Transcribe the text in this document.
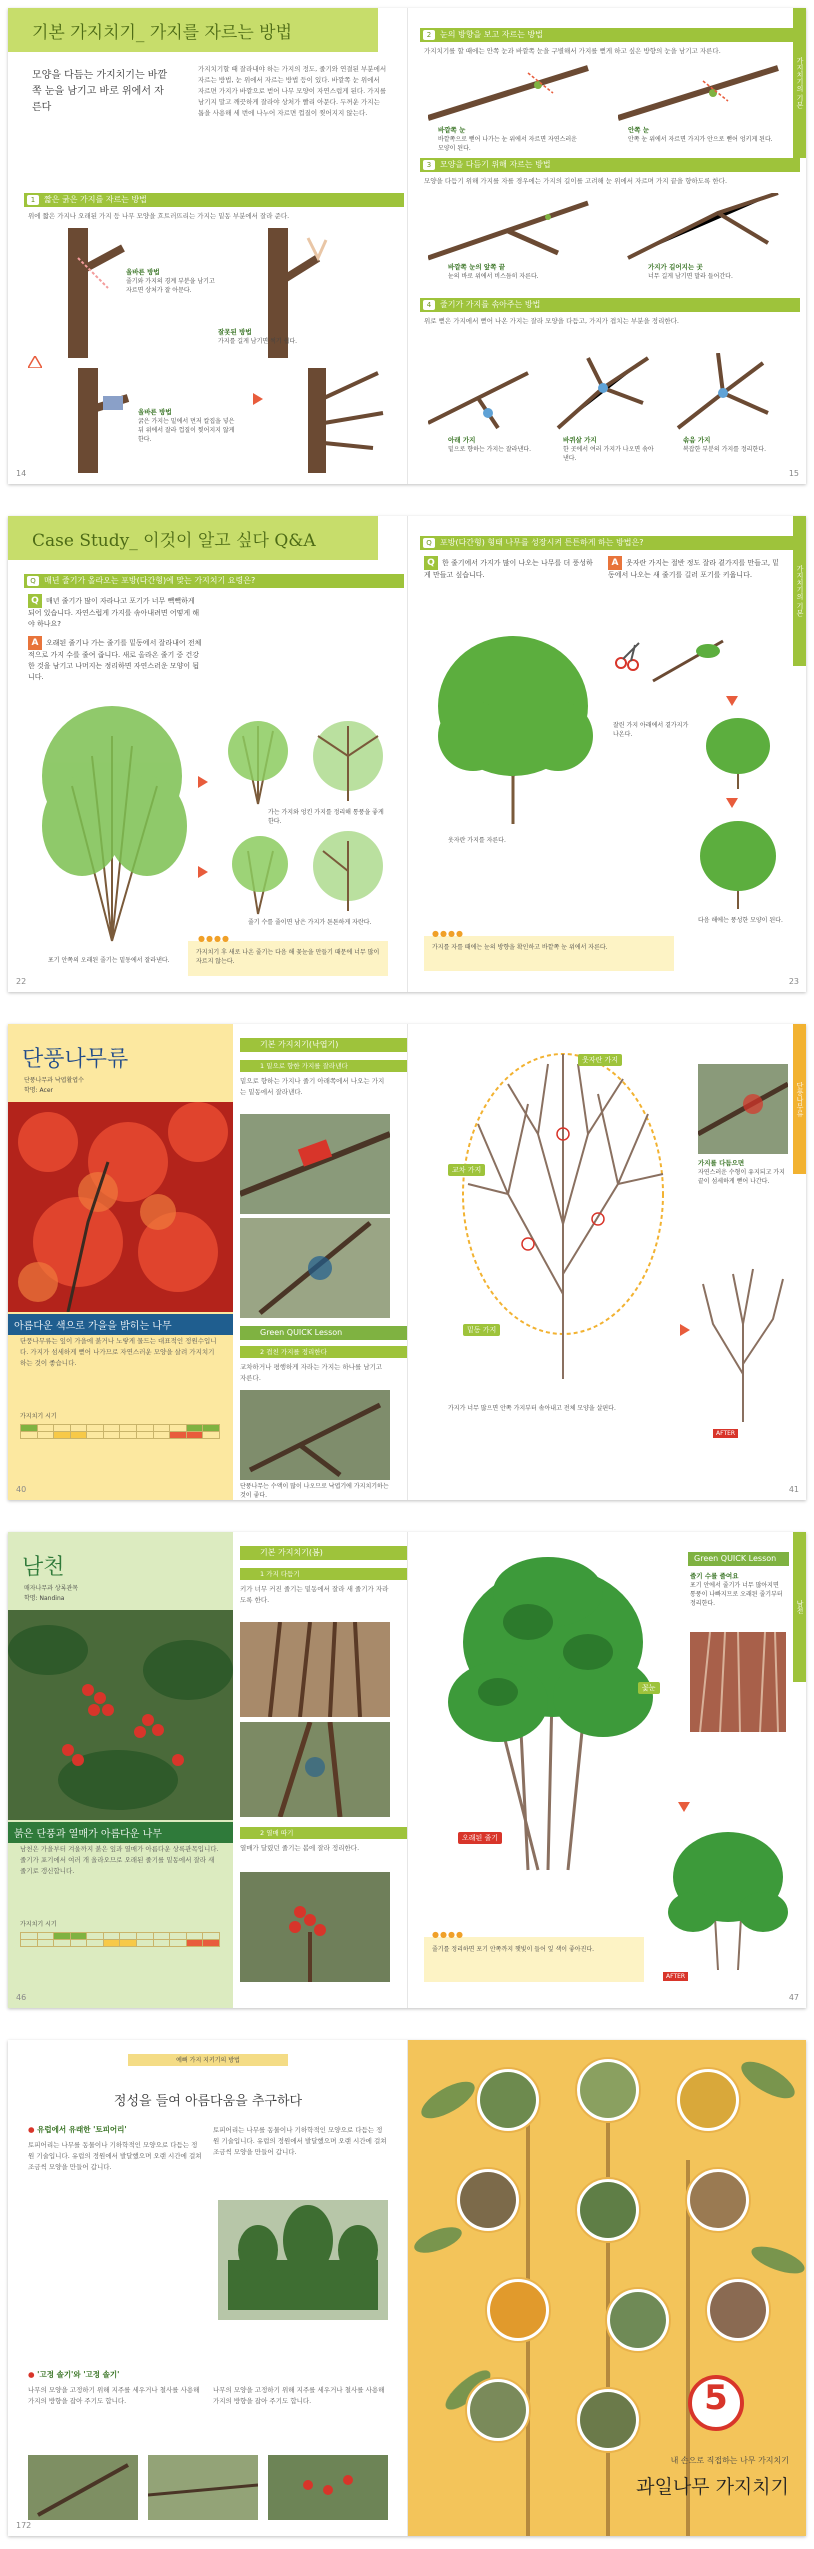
기본 가지치기_ 가지를 자르는 방법
모양을 다듬는 가지치기는 바깥쪽 눈을 남기고 바로 위에서 자른다
가지치기할 때 잘라내야 하는 가지의 정도, 줄기와 연결된 부분에서 자르는 방법, 눈 위에서 자르는 방법 등이 있다. 바깥쪽 눈 위에서 자르면 가지가 바깥으로 벋어 나무 모양이 자연스럽게 된다. 가지를 남기지 말고 깨끗하게 잘라야 상처가 빨리 아문다. 두꺼운 가지는 톱을 사용해 세 번에 나누어 자르면 껍질이 찢어지지 않는다.
1	짧은 굵은 가지를 자르는 방법
위에 짧은 가지나 오래된 가지 등 나무 모양을 흐트러뜨리는 가지는 밑동 부분에서 잘라 준다.
올바른 방법
줄기와 가지의 경계 부분을 남기고 자르면 상처가 잘 아문다.
잘못된 방법
가지를 길게 남기면 썩기 쉽다.
올바른 방법
굵은 가지는 밑에서 먼저 칼집을 넣은 뒤 위에서 잘라 껍질이 찢어지지 않게 한다.
14
가지치기의 기본
2	눈의 방향을 보고 자르는 방법
가지치기를 할 때에는 안쪽 눈과 바깥쪽 눈을 구별해서 가지를 뻗게 하고 싶은 방향의 눈을 남기고 자른다.
바깥쪽 눈
바깥쪽으로 뻗어 나가는 눈 위에서 자르면 자연스러운 모양이 된다.
안쪽 눈
안쪽 눈 위에서 자르면 가지가 안으로 뻗어 엉키게 된다.
3	모양을 다듬기 위해 자르는 방법
모양을 다듬기 위해 가지를 자를 경우에는 가지의 길이를 고려해 눈 위에서 자르며 가지 끝을 향하도록 한다.
바깥쪽 눈의 앞쪽 끝
눈의 바로 위에서 비스듬히 자른다.
가지가 길어지는 곳
너무 길게 남기면 말라 들어간다.
4	줄기가 가지를 솎아주는 방법
위로 뻗은 가지에서 뻗어 나온 가지는 잘라 모양을 다듬고, 가지가 겹치는 부분을 정리한다.
아래 가지
밑으로 향하는 가지는 잘라낸다.
바퀴살 가지
한 곳에서 여러 가지가 나오면 솎아낸다.
솎음 가지
복잡한 부분의 가지를 정리한다.
15
Case Study_ 이것이 알고 싶다 Q&A
Q	매년 줄기가 올라오는 포방(다간형)에 맞는 가지치기 요령은?
Q 매년 줄기가 많이 자라나고 포기가 너무 빽빽하게 되어 있습니다. 자연스럽게 가지를 솎아내려면 어떻게 해야 하나요?
A 오래된 줄기나 가는 줄기를 밑동에서 잘라내어 전체적으로 가지 수를 줄여 줍니다. 새로 올라온 줄기 중 건강한 것을 남기고 나머지는 정리하면 자연스러운 모양이 됩니다.
포기 안쪽의 오래된 줄기는 밑동에서 잘라낸다.
가는 가지와 엉킨 가지를 정리해 통풍을 좋게 한다.
줄기 수를 줄이면 남은 가지가 튼튼하게 자란다.
●●●●
가지치기 후 새로 나온 줄기는 다음 해 꽃눈을 만들기 때문에 너무 많이 자르지 않는다.
22
가지치기의 기본
Q	포방(다간형) 형태 나무를 성장시켜 튼튼하게 하는 방법은?
Q 한 줄기에서 가지가 많이 나오는 나무를 더 풍성하게 만들고 싶습니다.
A 웃자란 가지는 절반 정도 잘라 곁가지를 만들고, 밑동에서 나오는 새 줄기를 길러 포기를 키웁니다.
웃자란 가지를 자른다.
잘린 가지 아래에서 곁가지가 나온다.
다음 해에는 풍성한 모양이 된다.
●●●●
가지를 자를 때에는 눈의 방향을 확인하고 바깥쪽 눈 위에서 자른다.
23
단풍나무류
단풍나무과 낙엽활엽수
학명: Acer
아름다운 색으로 가을을 밝히는 나무
단풍나무류는 잎이 가을에 붉거나 노랗게 물드는 대표적인 정원수입니다. 가지가 섬세하게 뻗어 나가므로 자연스러운 모양을 살려 가지치기하는 것이 좋습니다.
가지치기 시기

기본 가지치기(낙엽기)
1 밑으로 향한 가지를 잘라낸다
밑으로 향하는 가지나 줄기 아래쪽에서 나오는 가지는 밑동에서 잘라낸다.
Green QUICK Lesson
2 겹친 가지를 정리한다
교차하거나 평행하게 자라는 가지는 하나를 남기고 자른다.
단풍나무는 수액이 많이 나오므로 낙엽기에 가지치기하는 것이 좋다.
40
단풍나무류
웃자란 가지
교차 가지
밑동 가지
가지를 다듬으면
자연스러운 수형이 유지되고 가지 끝이 섬세하게 뻗어 나간다.
AFTER
가지가 너무 많으면 안쪽 가지부터 솎아내고 전체 모양을 살핀다.
41
남천
매자나무과 상록관목
학명: Nandina
붉은 단풍과 열매가 아름다운 나무
남천은 가을부터 겨울까지 붉은 잎과 열매가 아름다운 상록관목입니다. 줄기가 포기에서 여러 개 올라오므로 오래된 줄기를 밑동에서 잘라 새 줄기로 갱신합니다.
가지치기 시기

기본 가지치기(봄)
1 가지 다듬기
키가 너무 커진 줄기는 밑동에서 잘라 새 줄기가 자라도록 한다.
2 열매 따기
열매가 달렸던 줄기는 봄에 잘라 정리한다.
46
남천
오래된 줄기
꽃눈
Green QUICK Lesson
줄기 수를 줄여요
포기 안에서 줄기가 너무 많아지면 통풍이 나빠지므로 오래된 줄기부터 정리한다.
AFTER
●●●●
줄기를 정리하면 포기 안쪽까지 햇빛이 들어 잎 색이 좋아진다.
47
예뻐 가지 지키기의 방법
정성을 들여 아름다움을 추구하다
● 유럽에서 유래한 '토피어리'
토피어리는 나무를 동물이나 기하학적인 모양으로 다듬는 정원 기술입니다. 유럽의 정원에서 발달했으며 오랜 시간에 걸쳐 조금씩 모양을 만들어 갑니다.
토피어리는 나무를 동물이나 기하학적인 모양으로 다듬는 정원 기술입니다. 유럽의 정원에서 발달했으며 오랜 시간에 걸쳐 조금씩 모양을 만들어 갑니다.
● '고정 솔기'와 '고정 솔기'
나무의 모양을 고정하기 위해 지주를 세우거나 철사를 사용해 가지의 방향을 잡아 주기도 합니다.
나무의 모양을 고정하기 위해 지주를 세우거나 철사를 사용해 가지의 방향을 잡아 주기도 합니다.
172
5
내 손으로 직접하는 나무 가지치기
과일나무 가지치기
